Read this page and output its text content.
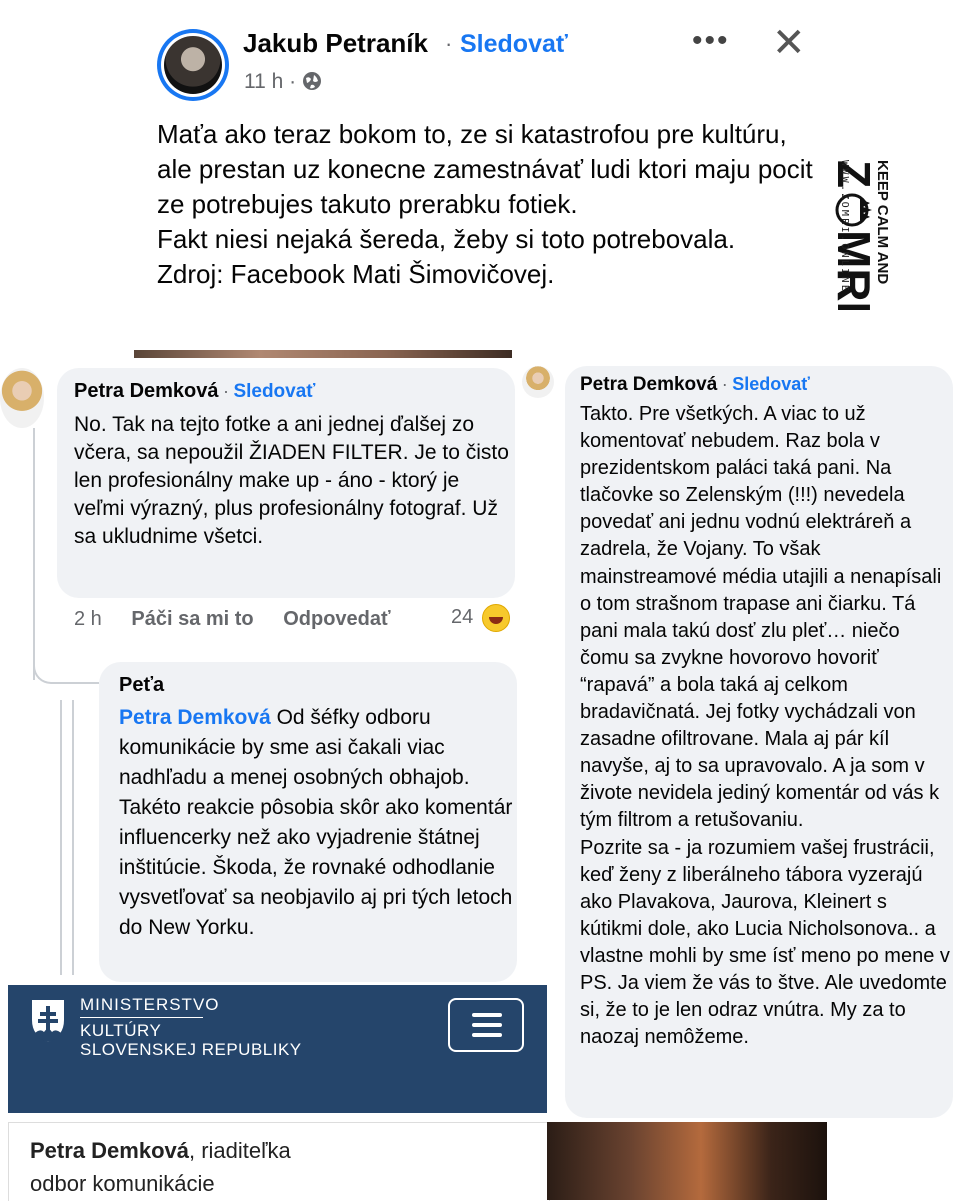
Jakub Petraník · Sledovať	••• ✕
11 h ·

Maťa ako teraz bokom to, ze si katastrofou pre kultúru, ale prestan uz konecne zamestnávať ludi ktori maju pocit ze potrebujes takuto prerabku fotiek.

Fakt niesi nejaká šereda, žeby si toto potrebovala.

Zdroj: Facebook Mati Šimovičovej.	KEEP CALM AND
MRI
WWW.ZOMRI.ONLINE
Petra Demková · Sledovať
No. Tak na tejto fotke a ani jednej ďalšej zo včera, sa nepoužil ŽIADEN FILTER. Je to čisto len profesionálny make up - áno - ktorý je veľmi výrazný, plus profesionálny fotograf. Už sa ukludnime všetci.
2 h Páči sa mi to Odpovedať	24
Peťa
Petra Demková Od šéfky odboru komunikácie by sme asi čakali viac nadhľadu a menej osobných obhajob. Takéto reakcie pôsobia skôr ako komentár influencerky než ako vyjadrenie štátnej inštitúcie. Škoda, že rovnaké odhodlanie vysvetľovať sa neobjavilo aj pri tých letoch do New Yorku.
MINISTERSTVO
KULTÚRY
SLOVENSKEJ REPUBLIKY
Petra Demková, riaditeľka
odbor komunikácie
Petra Demková · Sledovať
Takto. Pre všetkých. A viac to už komentovať nebudem. Raz bola v prezidentskom paláci taká pani. Na tlačovke so Zelenským (!!!) nevedela povedať ani jednu vodnú elektráreň a zadrela, že Vojany. To však mainstreamové média utajili a nenapísali o tom strašnom trapase ani čiarku. Tá pani mala takú dosť zlu pleť… niečo čomu sa zvykne hovorovo hovoriť “rapavá” a bola taká aj celkom bradavičnatá. Jej fotky vychádzali von zasadne ofiltrovane. Mala aj pár kíl navyše, aj to sa upravovalo. A ja som v živote nevidela jediný komentár od vás k tým filtrom a retušovaniu.
Pozrite sa - ja rozumiem vašej frustrácii, keď ženy z liberálneho tábora vyzerajú ako Plavakova, Jaurova, Kleinert s kútikmi dole, ako Lucia Nicholsonova.. a vlastne mohli by sme ísť meno po mene v PS. Ja viem že vás to štve. Ale uvedomte si, že to je len odraz vnútra. My za to naozaj nemôžeme.
